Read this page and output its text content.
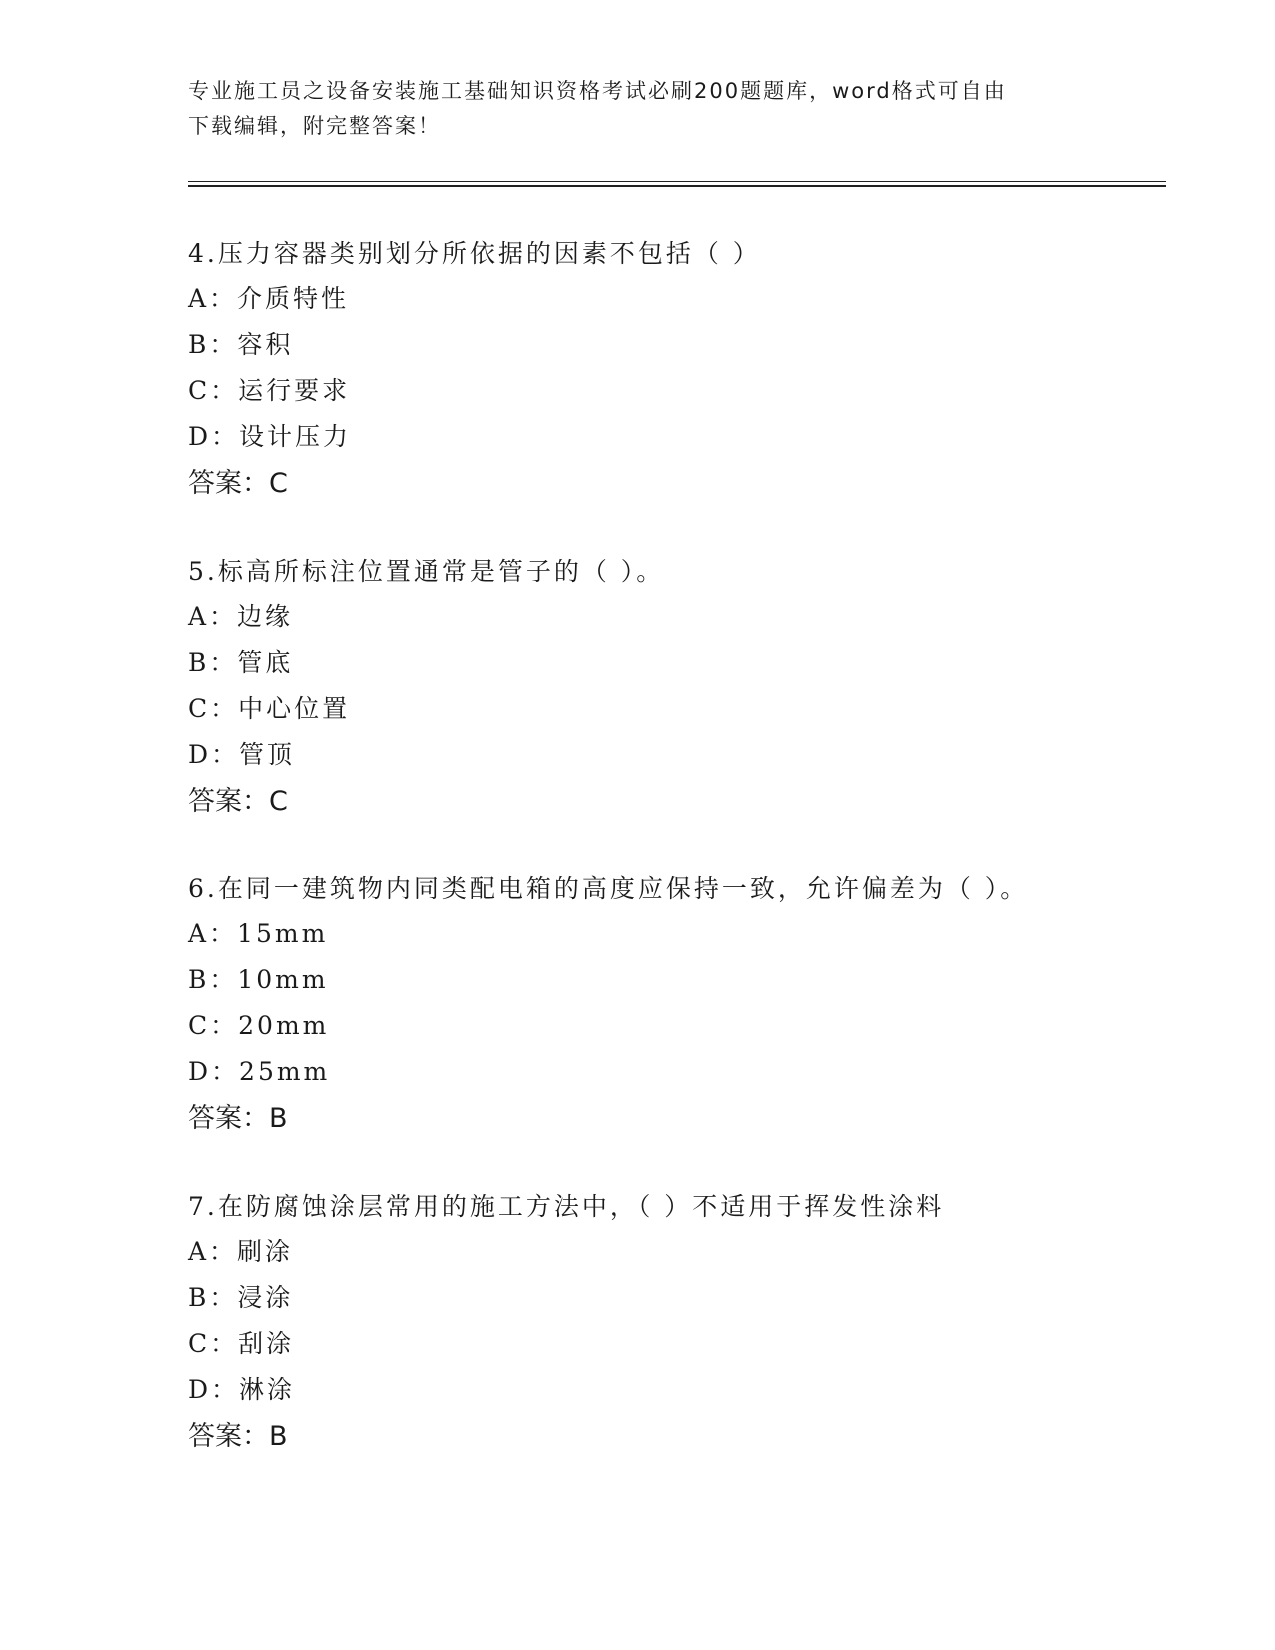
专业施工员之设备安装施工基础知识资格考试必刷200题题库，word格式可自由
下载编辑，附完整答案！
4.压力容器类别划分所依据的因素不包括（ ）
A：介质特性
B：容积
C：运行要求
D：设计压力
答案：C
5.标高所标注位置通常是管子的（ ）。
A：边缘
B：管底
C：中心位置
D：管顶
答案：C
6.在同一建筑物内同类配电箱的高度应保持一致，允许偏差为（ ）。
A：15mm
B：10mm
C：20mm
D：25mm
答案：B
7.在防腐蚀涂层常用的施工方法中，（ ）不适用于挥发性涂料
A：刷涂
B：浸涂
C：刮涂
D：淋涂
答案：B
